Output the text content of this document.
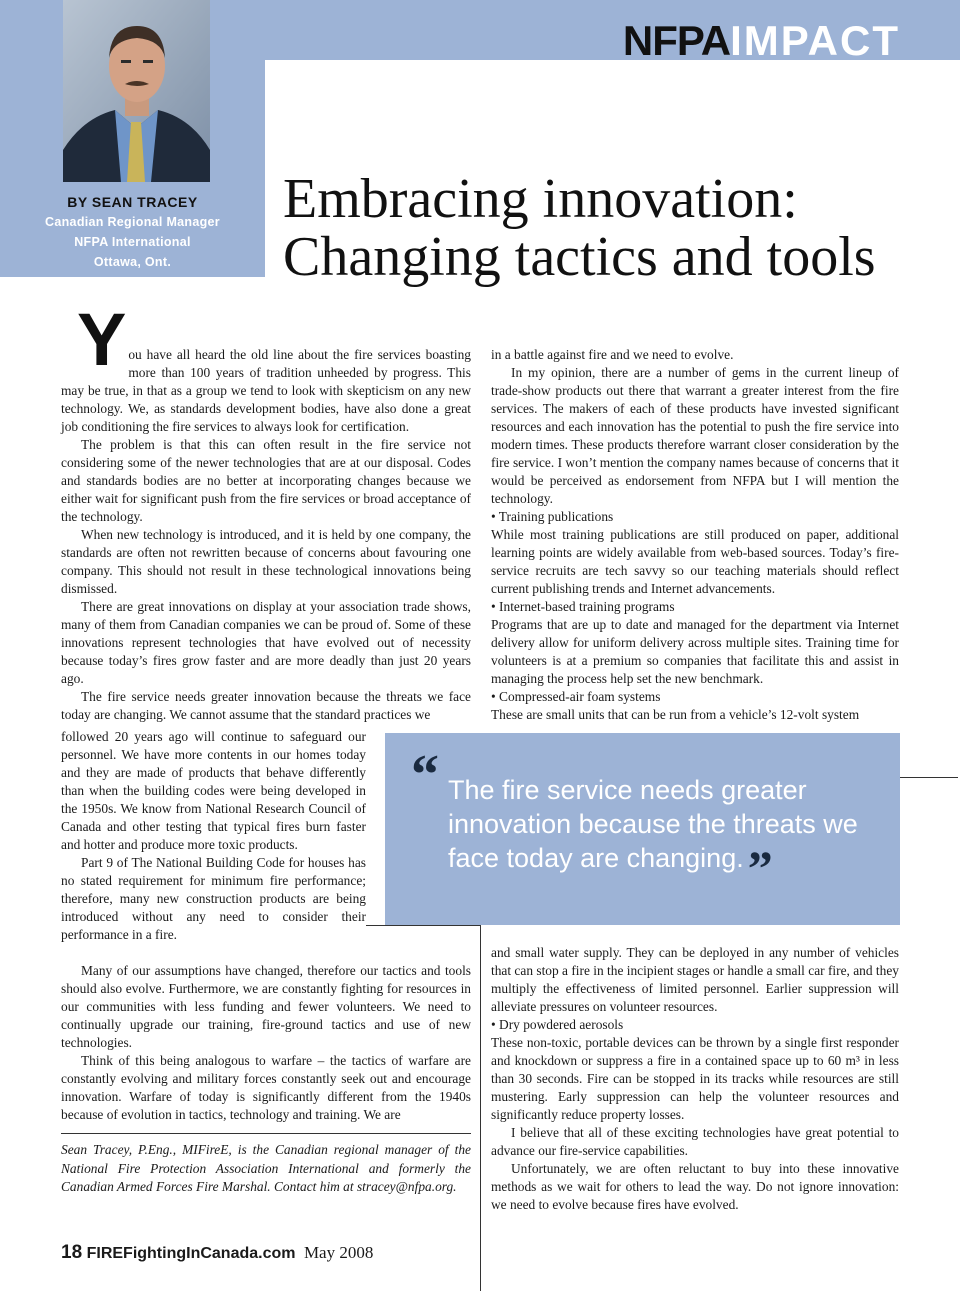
NFPAIMPACT
BY SEAN TRACEY
Canadian Regional Manager
NFPA International
Ottawa, Ont.
Embracing innovation:
Changing tactics and tools

You have all heard the old line about the fire services boasting more than 100 years of tradition unheeded by progress. This may be true, in that as a group we tend to look with skepticism on any new technology. We, as standards development bodies, have also done a great job conditioning the fire services to always look for certification.

The problem is that this can often result in the fire service not considering some of the newer technologies that are at our disposal. Codes and standards bodies are no better at incorporating changes because we either wait for significant push from the fire services or broad acceptance of the technology.

When new technology is introduced, and it is held by one company, the standards are often not rewritten because of concerns about favouring one company. This should not result in these technological innovations being dismissed.

There are great innovations on display at your association trade shows, many of them from Canadian companies we can be proud of. Some of these innovations represent technologies that have evolved out of necessity because today’s fires grow faster and are more deadly than just 20 years ago.

The fire service needs greater innovation because the threats we face today are changing. We cannot assume that the standard practices we

followed 20 years ago will continue to safeguard our personnel. We have more contents in our homes today and they are made of products that behave differently than when the building codes were being developed in the 1950s. We know from National Research Council of Canada and other testing that typical fires burn faster and hotter and produce more toxic products.

Part 9 of The National Building Code for houses has no stated requirement for minimum fire performance; therefore, many new construction products are being introduced without any need to consider their performance in a fire.

Many of our assumptions have changed, therefore our tactics and tools should also evolve. Furthermore, we are constantly fighting for resources in our communities with less funding and fewer volunteers. We need to continually upgrade our training, fire-ground tactics and use of new technologies.

Think of this being analogous to warfare – the tactics of warfare are constantly evolving and military forces constantly seek out and encourage innovation. Warfare of today is significantly different from the 1940s because of evolution in tactics, technology and training. We are

in a battle against fire and we need to evolve.

In my opinion, there are a number of gems in the current lineup of trade-show products out there that warrant a greater interest from the fire services. The makers of each of these products have invested significant resources and each innovation has the potential to push the fire service into modern times. These products therefore warrant closer consideration by the fire service. I won’t mention the company names because of concerns that it would be perceived as endorsement from NFPA but I will mention the technology.

• Training publications

While most training publications are still produced on paper, additional learning points are widely available from web-based sources. Today’s fire-service recruits are tech savvy so our teaching materials should reflect current publishing trends and Internet advancements.

• Internet-based training programs

Programs that are up to date and managed for the department via Internet delivery allow for uniform delivery across multiple sites. Training time for volunteers is at a premium so companies that facilitate this and assist in managing the process help set the new benchmark.

• Compressed-air foam systems

These are small units that can be run from a vehicle’s 12-volt system

“ The fire service needs greater innovation because the threats we face today are changing.”

and small water supply. They can be deployed in any number of vehicles that can stop a fire in the incipient stages or handle a small car fire, and they multiply the effectiveness of limited personnel. Earlier suppression will alleviate pressures on volunteer resources.

• Dry powdered aerosols

These non-toxic, portable devices can be thrown by a single first responder and knockdown or suppress a fire in a contained space up to 60 m³ in less than 30 seconds. Fire can be stopped in its tracks while resources are still mustering. Early suppression can help the volunteer resources and significantly reduce property losses.

I believe that all of these exciting technologies have great potential to advance our fire-service capabilities.

Unfortunately, we are often reluctant to buy into these innovative methods as we wait for others to lead the way. Do not ignore innovation: we need to evolve because fires have evolved.

Sean Tracey, P.Eng., MIFireE, is the Canadian regional manager of the National Fire Protection Association International and formerly the Canadian Armed Forces Fire Marshal. Contact him at stracey@nfpa.org.
18 FIREFightingInCanada.com May 2008
